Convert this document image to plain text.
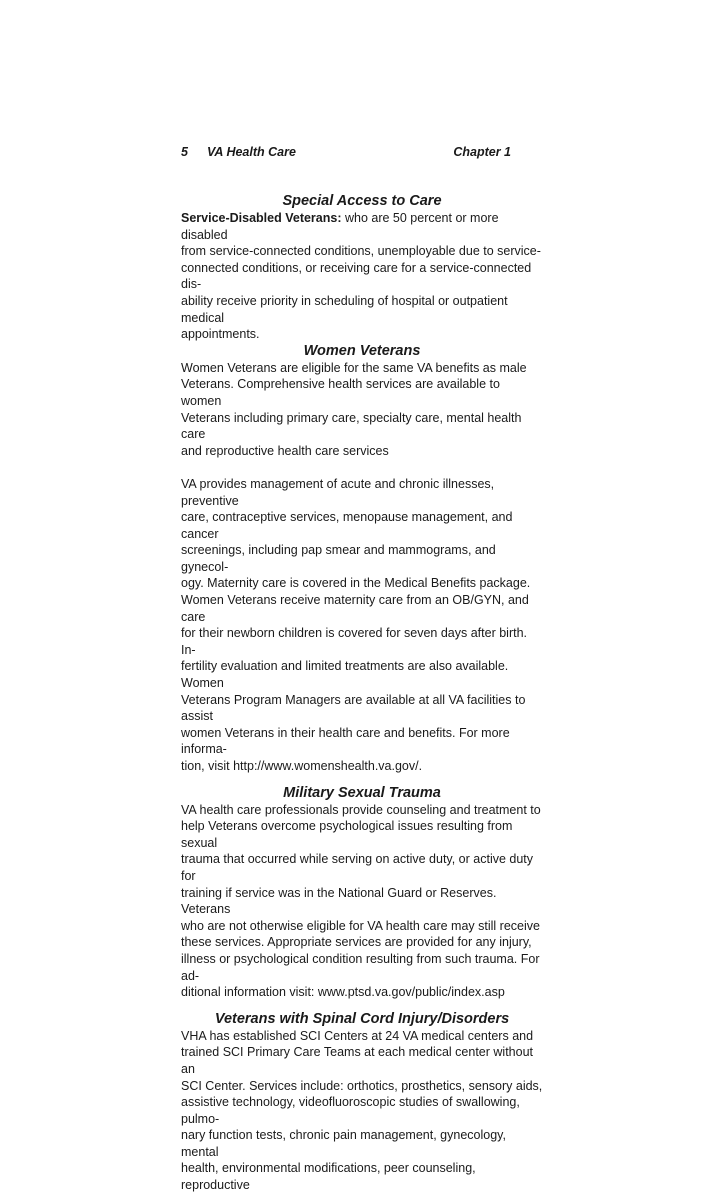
5 VA Health Care	Chapter 1

Special Access to Care

Service-Disabled Veterans: who are 50 percent or more disabled

from service-connected conditions, unemployable due to service-

connected conditions, or receiving care for a service-connected dis-

ability receive priority in scheduling of hospital or outpatient medical

appointments.

Women Veterans

Women Veterans are eligible for the same VA benefits as male

Veterans. Comprehensive health services are available to women

Veterans including primary care, specialty care, mental health care

and reproductive health care services

VA provides management of acute and chronic illnesses, preventive

care, contraceptive services, menopause management, and cancer

screenings, including pap smear and mammograms, and gynecol-

ogy. Maternity care is covered in the Medical Benefits package.

Women Veterans receive maternity care from an OB/GYN, and care

for their newborn children is covered for seven days after birth. In-

fertility evaluation and limited treatments are also available. Women

Veterans Program Managers are available at all VA facilities to assist

women Veterans in their health care and benefits. For more informa-

tion, visit http://www.womenshealth.va.gov/.

Military Sexual Trauma

VA health care professionals provide counseling and treatment to

help Veterans overcome psychological issues resulting from sexual

trauma that occurred while serving on active duty, or active duty for

training if service was in the National Guard or Reserves. Veterans

who are not otherwise eligible for VA health care may still receive

these services. Appropriate services are provided for any injury,

illness or psychological condition resulting from such trauma. For ad-

ditional information visit: www.ptsd.va.gov/public/index.asp

Veterans with Spinal Cord Injury/Disorders

VHA has established SCI Centers at 24 VA medical centers and

trained SCI Primary Care Teams at each medical center without an

SCI Center. Services include: orthotics, prosthetics, sensory aids,

assistive technology, videofluoroscopic studies of swallowing, pulmo-

nary function tests, chronic pain management, gynecology, mental

health, environmental modifications, peer counseling, reproductive
